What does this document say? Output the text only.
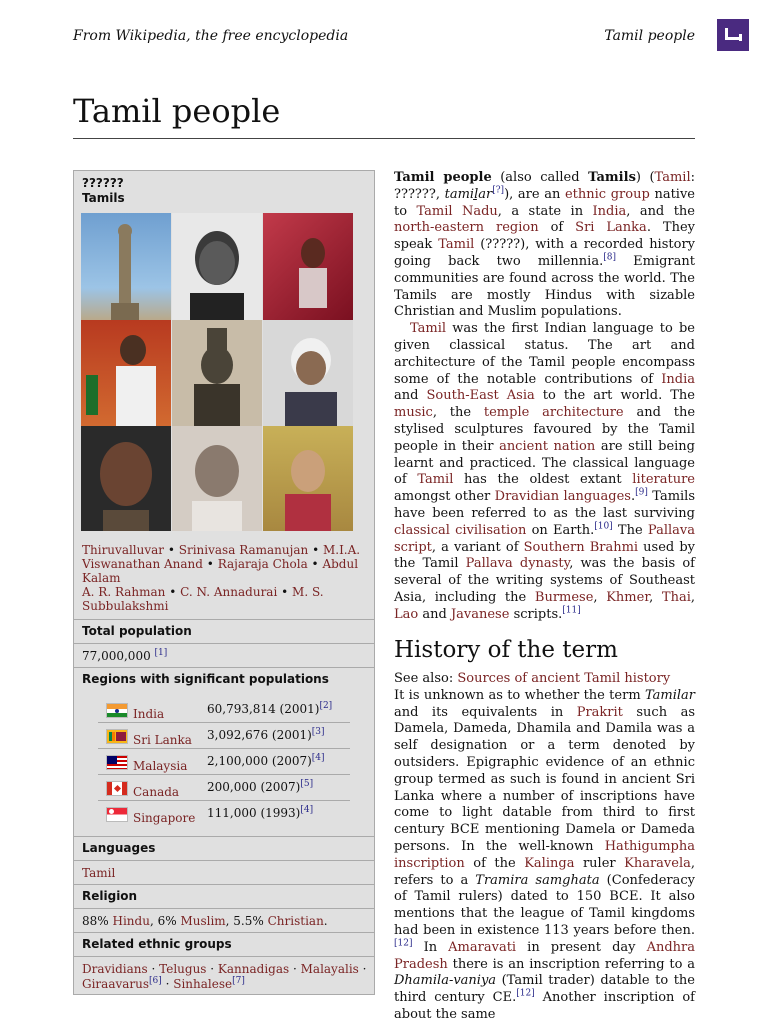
From Wikipedia, the free encyclopedia	Tamil people
Tamil people
??????
Tamils
Thiruvalluvar • Srinivasa Ramanujan • M.I.A.
Viswanathan Anand • Rajaraja Chola • Abdul Kalam
A. R. Rahman • C. N. Annadurai • M. S. Subbulakshmi
Total population
77,000,000 [1]
Regions with significant populations
India	60,793,814 (2001)[2]
Sri Lanka 3,092,676 (2001)[3]
Malaysia 2,100,000 (2007)[4]
Canada 200,000 (2007)[5]
Singapore 111,000 (1993)[4]
Languages
Tamil
Religion
88% Hindu, 6% Muslim, 5.5% Christian.
Related ethnic groups
Dravidians · Telugus · Kannadigas · Malayalis · Giraavarus[6] · Sinhalese[7]

Tamil people (also called Tamils) (Tamil: ??????, tamiḻar[?]), are an ethnic group native to Tamil Nadu, a state in India, and the north-eastern region of Sri Lanka. They speak Tamil (?????), with a recorded history going back two millennia.[8] Emigrant communities are found across the world. The Tamils are mostly Hindus with sizable Christian and Muslim populations.

Tamil was the first Indian language to be given classical status. The art and architecture of the Tamil people encompass some of the notable contributions of India and South-East Asia to the art world. The music, the temple architecture and the stylised sculptures favoured by the Tamil people in their ancient nation are still being learnt and practiced. The classical language of Tamil has the oldest extant literature amongst other Dravidian languages.[9] Tamils have been referred to as the last surviving classical civilisation on Earth.[10] The Pallava script, a variant of Southern Brahmi used by the Tamil Pallava dynasty, was the basis of several of the writing systems of Southeast Asia, including the Burmese, Khmer, Thai, Lao and Javanese scripts.[11]

History of the term

See also: Sources of ancient Tamil history

It is unknown as to whether the term Tamilar and its equivalents in Prakrit such as Damela, Dameda, Dhamila and Damila was a self designation or a term denoted by outsiders. Epigraphic evidence of an ethnic group termed as such is found in ancient Sri Lanka where a number of inscriptions have come to light datable from third to first century BCE mentioning Damela or Dameda persons. In the well-known Hathigumpha inscription of the Kalinga ruler Kharavela, refers to a Tramira samghata (Confederacy of Tamil rulers) dated to 150 BCE. It also mentions that the league of Tamil kingdoms had been in existence 113 years before then.[12] In Amaravati in present day Andhra Pradesh there is an inscription referring to a Dhamila-vaniya (Tamil trader) datable to the third century CE.[12] Another inscription of about the same
